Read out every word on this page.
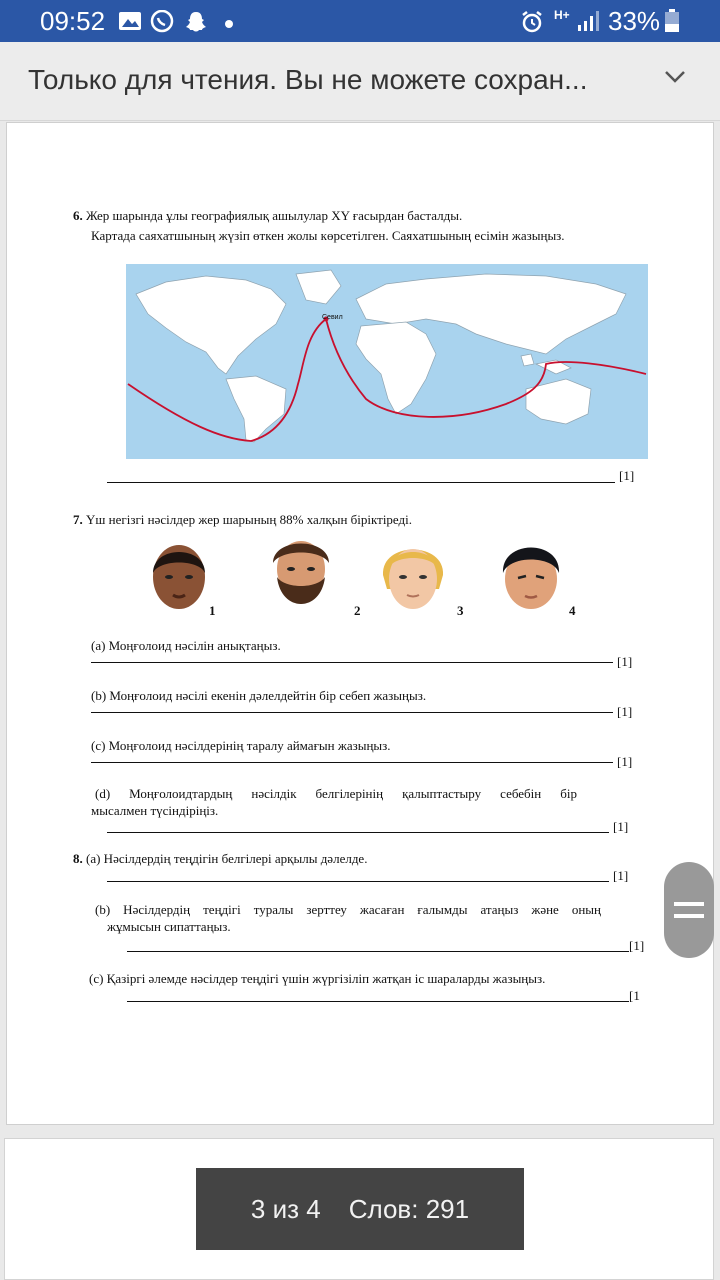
09:52	H+ 33%
Только для чтения. Вы не можете сохран...
6. Жер шарында ұлы географиялық ашылулар XY ғасырдан басталды.
Картада саяхатшының жүзіп өткен жолы көрсетілген. Саяхатшының есімін жазыңыз.
Севил
[1]
7. Үш негізгі нәсілдер жер шарының 88% халқын біріктіреді.
1	2	3	4
(a) Моңғолоид нәсілін анықтаңыз.
[1]
(b) Моңғолоид нәсілі екенін дәлелдейтін бір себеп жазыңыз.
[1]
(c) Моңғолоид нәсілдерінің таралу аймағын жазыңыз.
[1]
(d) Моңғолоидтардың нәсілдік белгілерінің қалыптастыру себебін бір
мысалмен түсіндіріңіз.
[1]
8. (a) Нәсілдердің теңдігін белгілері арқылы дәлелде.
[1]
(b) Нәсілдердің теңдігі туралы зерттеу жасаған ғалымды атаңыз және оның
жұмысын сипаттаңыз.
[1]
(c) Қазіргі әлемде нәсілдер теңдігі үшін жүргізіліп жатқан іс шараларды жазыңыз.
[1
3 из 4 Слов: 291
